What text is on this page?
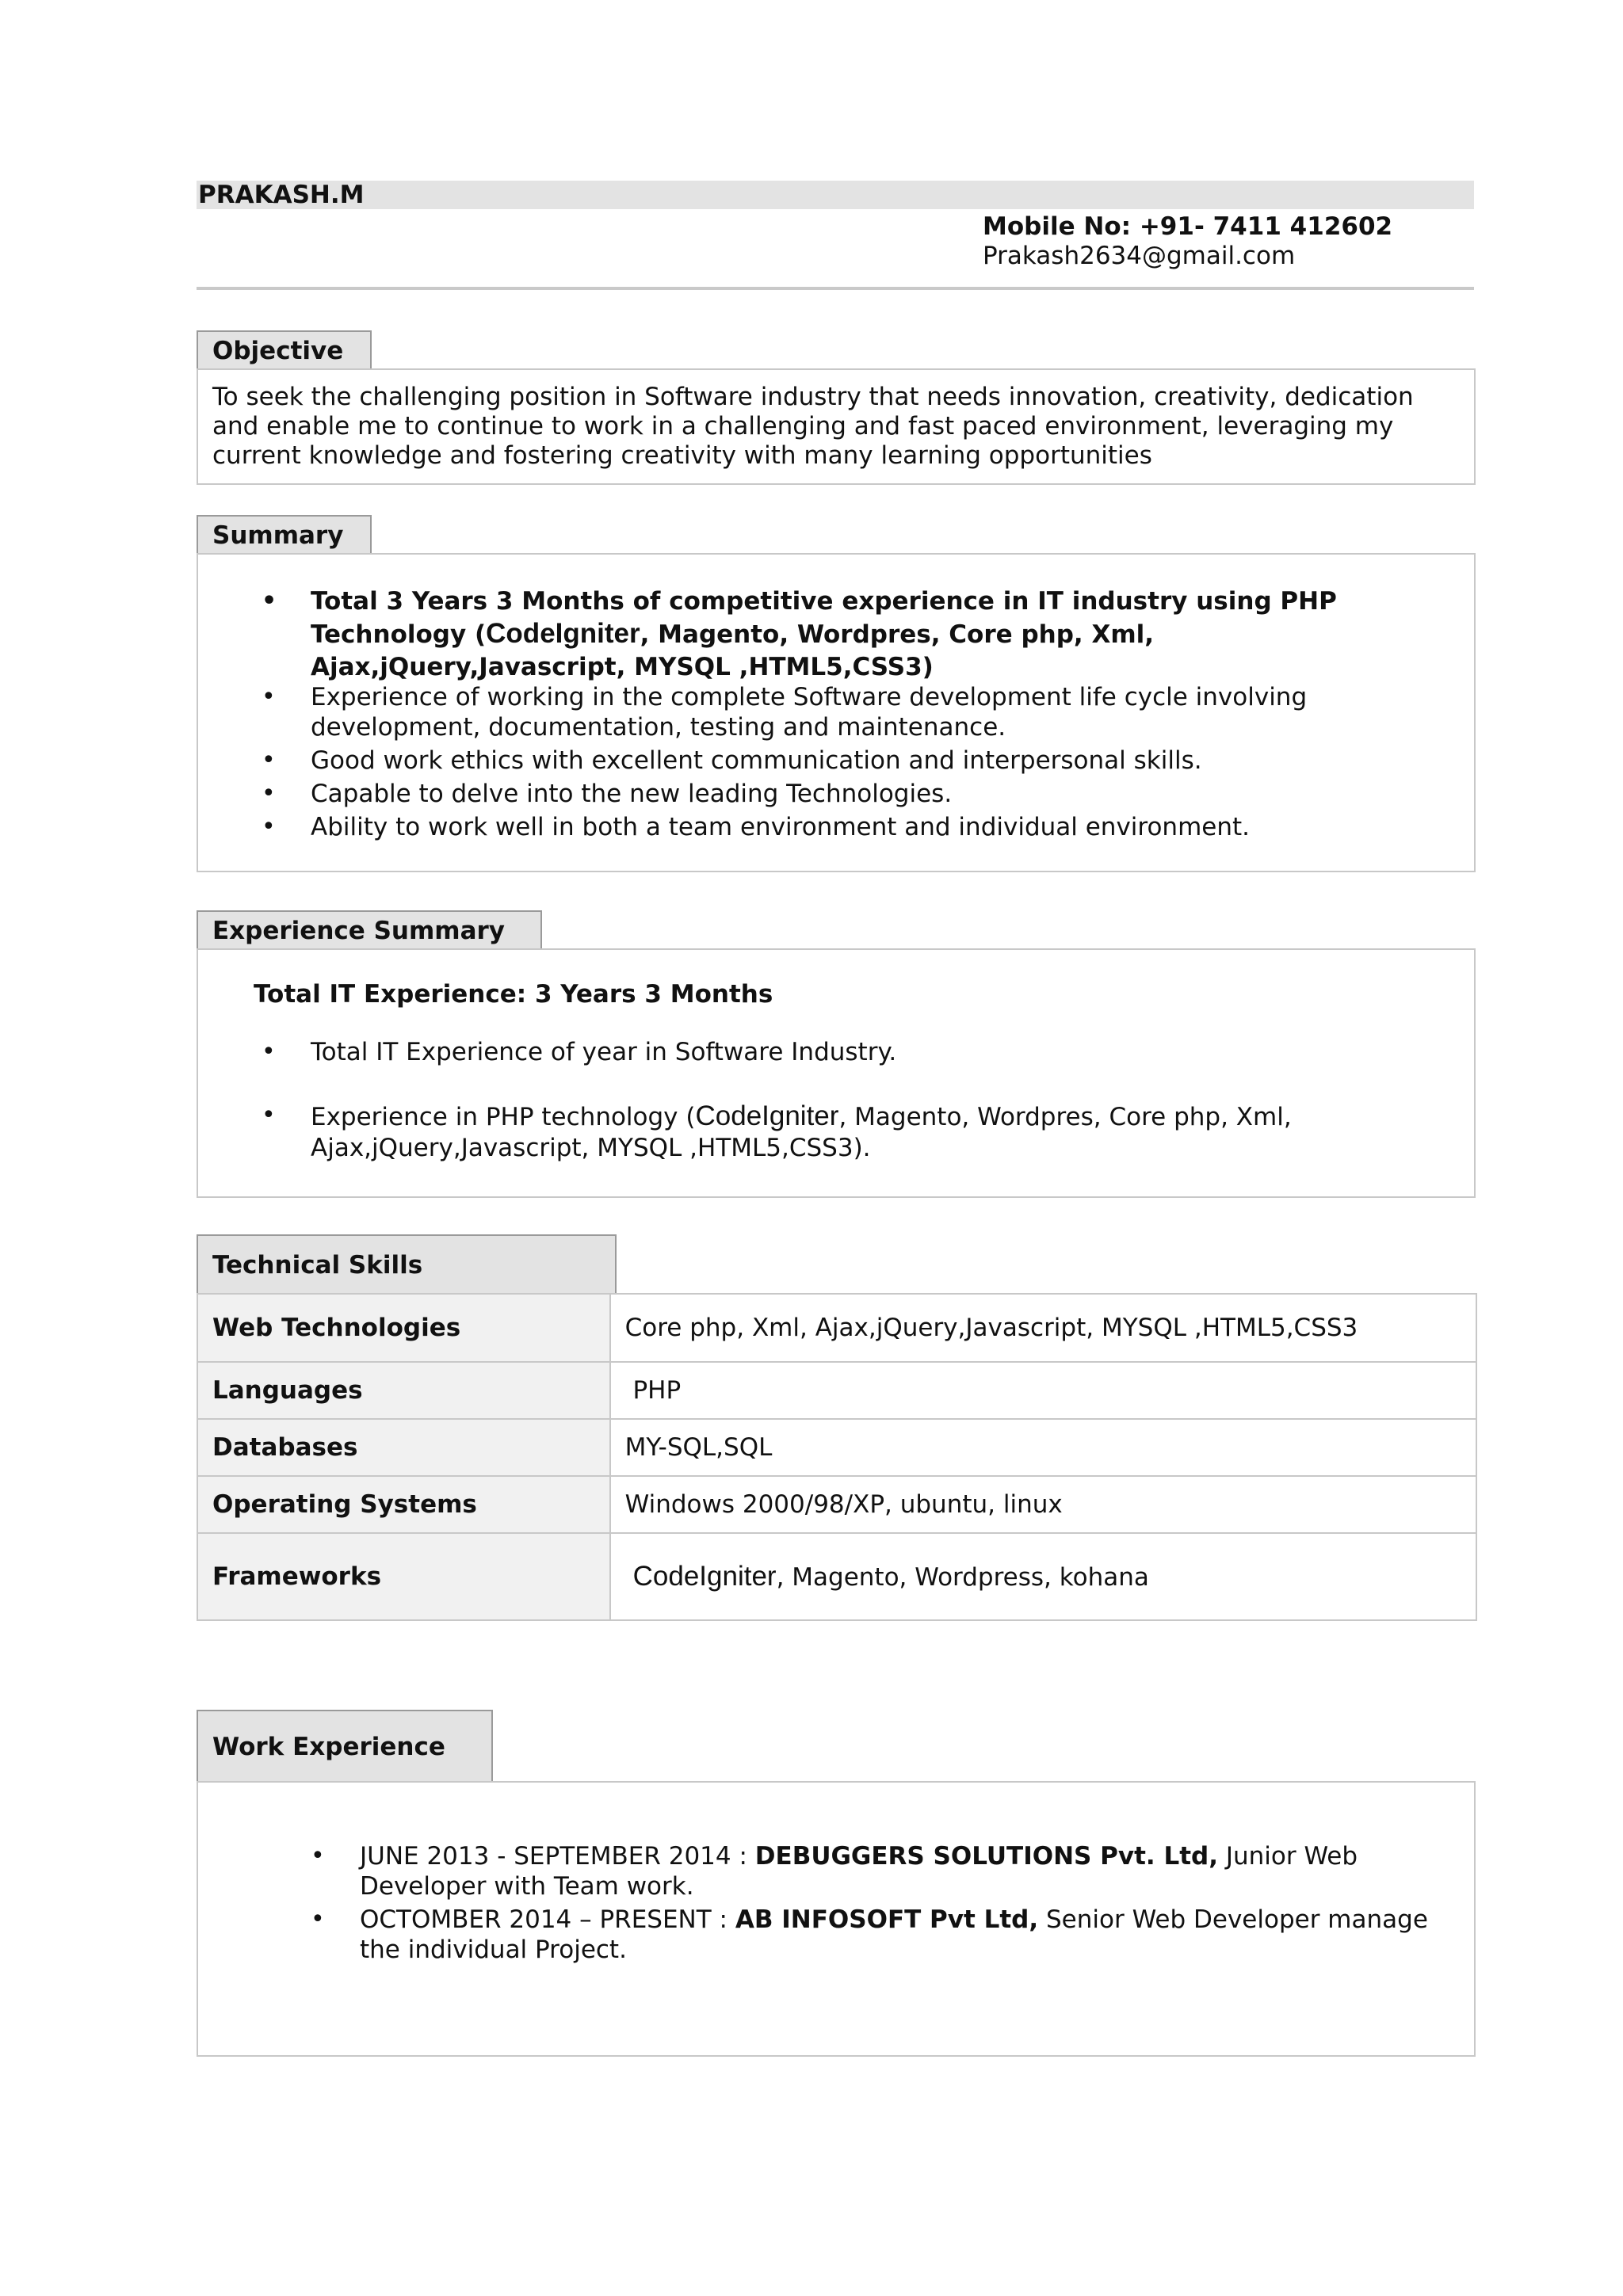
PRAKASH.M
Mobile No: +91- 7411 412602
Prakash2634@gmail.com
Objective
To seek the challenging position in Software industry that needs innovation, creativity, dedication
and enable me to continue to work in a challenging and fast paced environment, leveraging my
current knowledge and fostering creativity with many learning opportunities
Summary
• Total 3 Years 3 Months of competitive experience in IT industry using PHP
Technology (CodeIgniter, Magento, Wordpres, Core php, Xml,
Ajax,jQuery,Javascript, MYSQL ,HTML5,CSS3)
• Experience of working in the complete Software development life cycle involving
development, documentation, testing and maintenance.
• Good work ethics with excellent communication and interpersonal skills.
• Capable to delve into the new leading Technologies.
• Ability to work well in both a team environment and individual environment.
Experience Summary
Total IT Experience: 3 Years 3 Months
• Total IT Experience of year in Software Industry.
• Experience in PHP technology (CodeIgniter, Magento, Wordpres, Core php, Xml,
Ajax,jQuery,Javascript, MYSQL ,HTML5,CSS3).
Technical Skills
Web Technologies	Core php, Xml, Ajax,jQuery,Javascript, MYSQL ,HTML5,CSS3
Languages	PHP
Databases	MY-SQL,SQL
Operating Systems	Windows 2000/98/XP, ubuntu, linux
Frameworks	CodeIgniter, Magento, Wordpress, kohana
Work Experience
• JUNE 2013 - SEPTEMBER 2014 : DEBUGGERS SOLUTIONS Pvt. Ltd, Junior Web
Developer with Team work.
• OCTOMBER 2014 – PRESENT : AB INFOSOFT Pvt Ltd, Senior Web Developer manage
the individual Project.
